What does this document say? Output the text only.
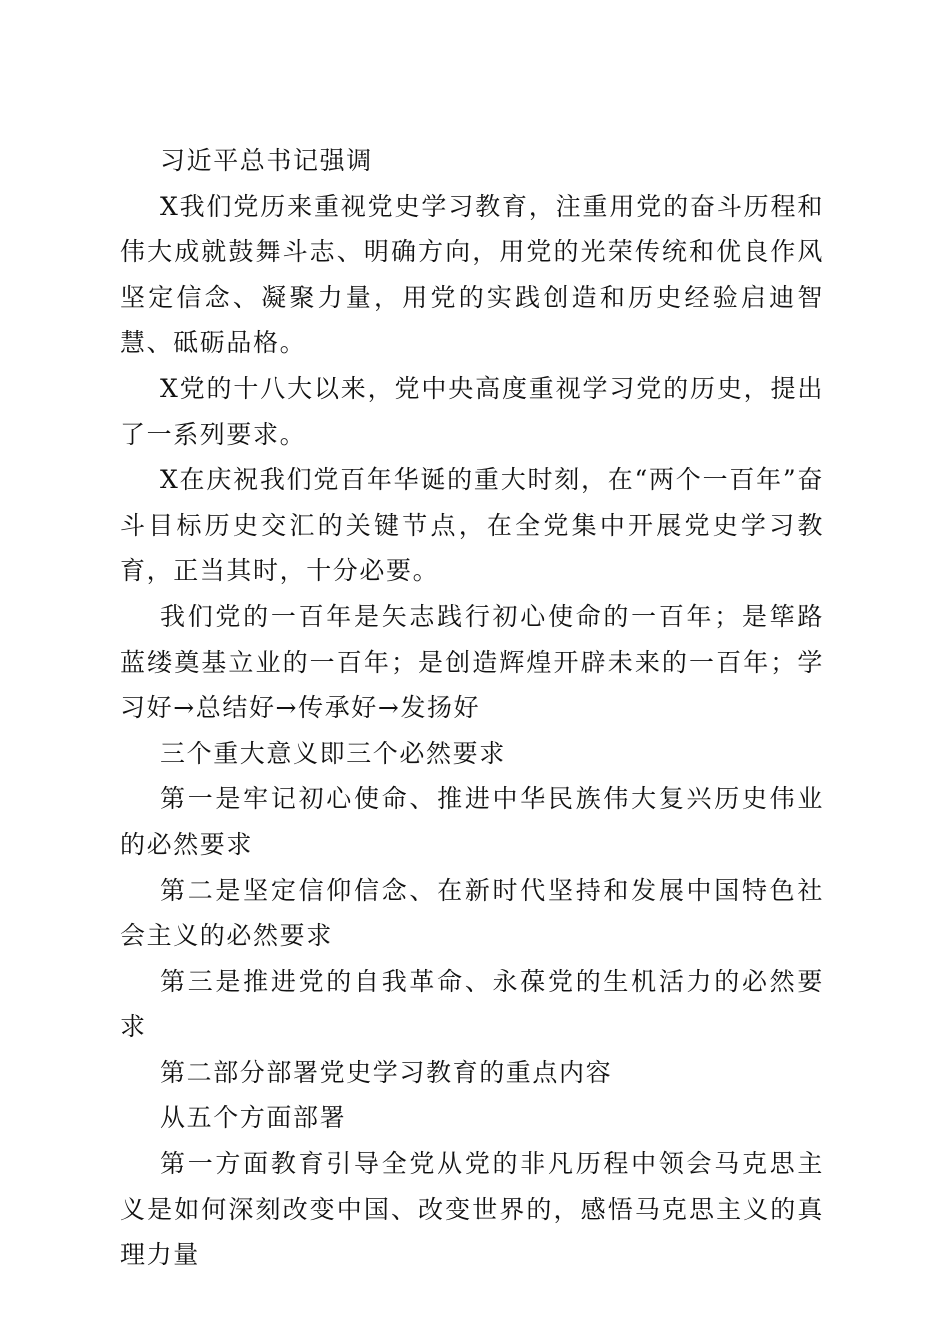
习近平总书记强调

X我们党历来重视党史学习教育，注重用党的奋斗历程和伟大成就鼓舞斗志、明确方向，用党的光荣传统和优良作风坚定信念、凝聚力量，用党的实践创造和历史经验启迪智慧、砥砺品格。

X党的十八大以来，党中央高度重视学习党的历史，提出了一系列要求。

X在庆祝我们党百年华诞的重大时刻，在“两个一百年”奋斗目标历史交汇的关键节点，在全党集中开展党史学习教育，正当其时，十分必要。

我们党的一百年是矢志践行初心使命的一百年；是筚路蓝缕奠基立业的一百年；是创造辉煌开辟未来的一百年；学习好→总结好→传承好→发扬好

三个重大意义即三个必然要求

第一是牢记初心使命、推进中华民族伟大复兴历史伟业的必然要求

第二是坚定信仰信念、在新时代坚持和发展中国特色社会主义的必然要求

第三是推进党的自我革命、永葆党的生机活力的必然要求

第二部分部署党史学习教育的重点内容

从五个方面部署

第一方面教育引导全党从党的非凡历程中领会马克思主义是如何深刻改变中国、改变世界的，感悟马克思主义的真理力量
